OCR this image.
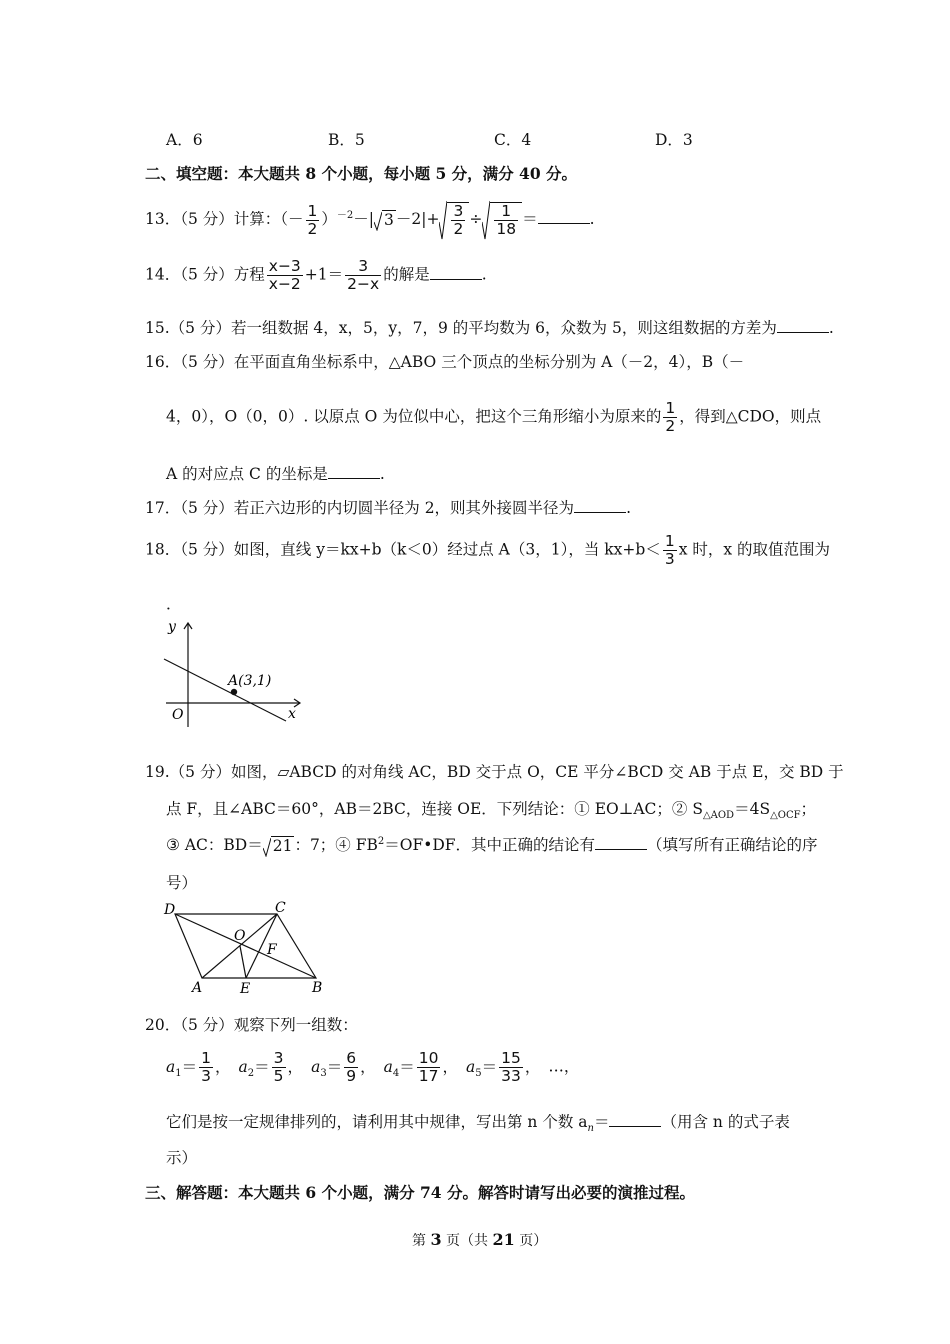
A．6	B．5	C．4	D．3
二、填空题：本大题共 8 个小题，每小题 5 分，满分 40 分。
13．（5 分）计算：（－ $\frac{1}{2} )^{-2}-|$ $3 -2|+ \frac{3}{2} \div \frac{1}{18}$ ＝	.
14．（5 分）方程 $\frac{x-3}{x-2} +1= \frac{3}{2-x}$ 的解是	.
15.（5 分）若一组数据 4，x，5，y，7，9 的平均数为 6，众数为 5，则这组数据的方差为	.
16．（5 分）在平面直角坐标系中，△ABO 三个顶点的坐标分别为 A（－2，4），B（－
4，0），O（0，0）. 以原点 O 为位似中心，把这个三角形缩小为原来的 $\frac{1}{2}$ ，得到△CDO，则点
A 的对应点 C 的坐标是	.
17．（5 分）若正六边形的内切圆半径为 2，则其外接圆半径为	.
18．（5 分）如图，直线 y＝kx+b（k＜0）经过点 A（3，1），当 $kx+b< \frac{1}{3}$ x 时，x 的取值范围为
．
y
x
O
A(3,1)
19.（5 分）如图，▱ABCD 的对角线 AC，BD 交于点 O，CE 平分∠BCD 交 AB 于点 E，交 BD 于
点 F，且∠ABC＝60°，AB＝2BC，连接 OE．下列结论：① EO⊥AC；② $S_{\triangle AOD}=4S_{\triangle OCF}$；
③ AC：BD＝ 21 ：7；④ $FB^2=OF•DF$．其中正确的结论有	（填写所有正确结论的序
号）
D	C
O
F
A	E	B
20．（5 分）观察下列一组数：
$a_1= \frac{1}{3}$ ， $a_2= \frac{3}{5}$ ， $a_3= \frac{6}{9}$ ， $a_4= \frac{10}{17}$ ， $a_5= \frac{15}{33}$ ， …，
它们是按一定规律排列的，请利用其中规律，写出第 n 个数 $a_n=$	（用含 n 的式子表
示）
三、解答题：本大题共 6 个小题，满分 74 分。解答时请写出必要的演推过程。
第 3 页（共 21 页）
